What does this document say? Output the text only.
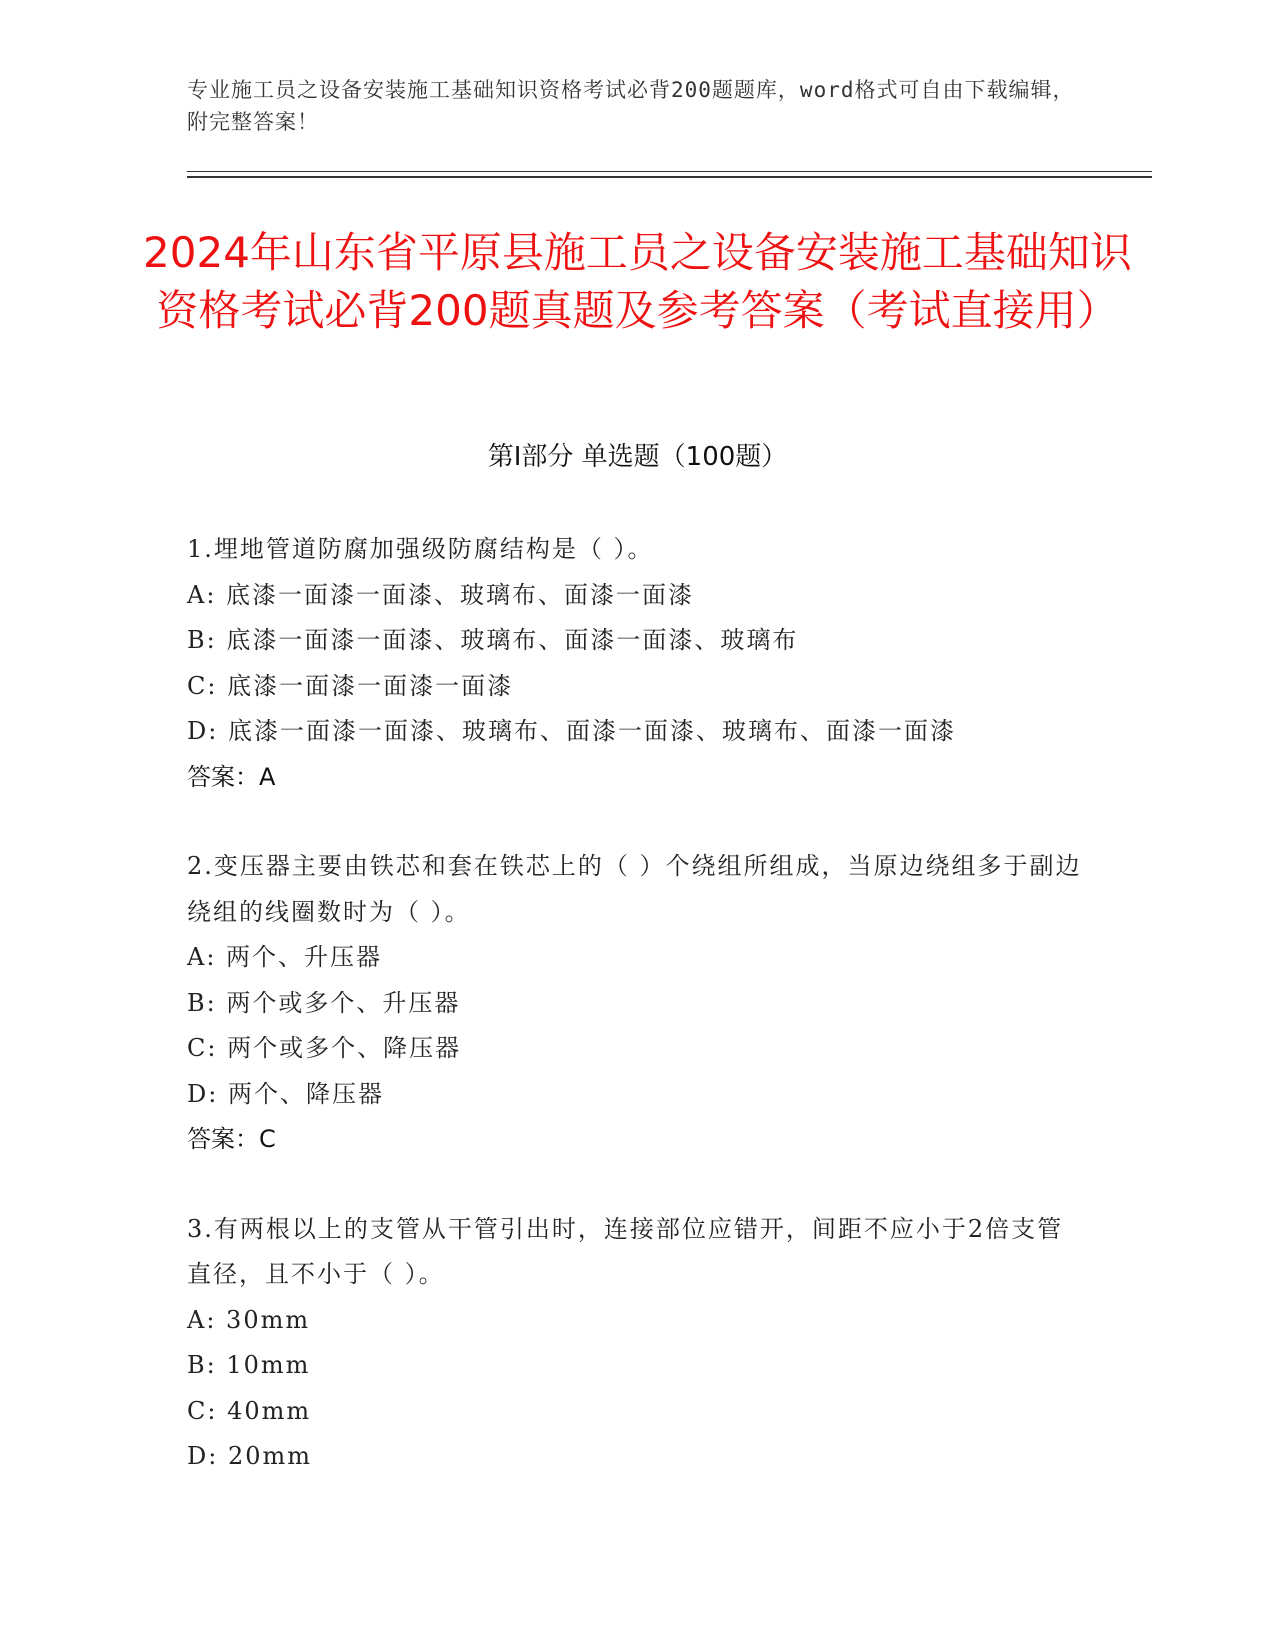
专业施工员之设备安装施工基础知识资格考试必背200题题库，word格式可自由下载编辑，附完整答案！
2024年山东省平原县施工员之设备安装施工基础知识资格考试必背200题真题及参考答案（考试直接用）
第I部分 单选题（100题）
1.埋地管道防腐加强级防腐结构是（ ）。
A: 底漆一面漆一面漆、玻璃布、面漆一面漆
B: 底漆一面漆一面漆、玻璃布、面漆一面漆、玻璃布
C: 底漆一面漆一面漆一面漆
D: 底漆一面漆一面漆、玻璃布、面漆一面漆、玻璃布、面漆一面漆
答案：A
2.变压器主要由铁芯和套在铁芯上的（ ）个绕组所组成，当原边绕组多于副边绕组的线圈数时为（ ）。
A: 两个、升压器
B: 两个或多个、升压器
C: 两个或多个、降压器
D: 两个、降压器
答案：C
3.有两根以上的支管从干管引出时，连接部位应错开，间距不应小于2倍支管直径，且不小于（ ）。
A: 30mm
B: 10mm
C: 40mm
D: 20mm
